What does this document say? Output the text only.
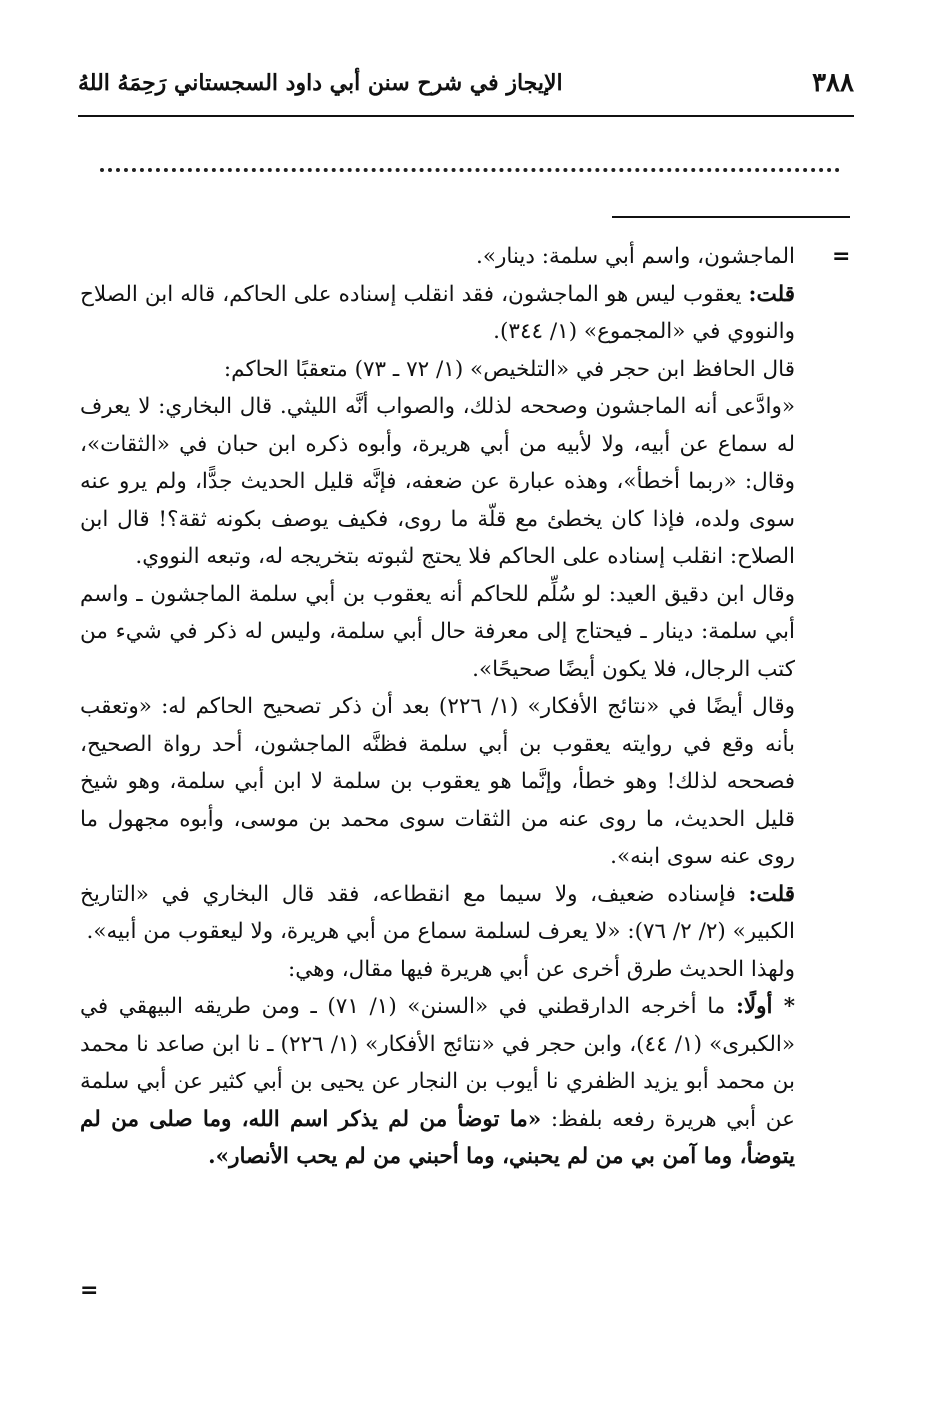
٣٨٨
الإيجاز في شرح سنن أبي داود السجستاني رَحِمَهُ اللهُ
=

الماجشون، واسم أبي سلمة: دينار».

قلت: يعقوب ليس هو الماجشون، فقد انقلب إسناده على الحاكم، قاله ابن الصلاح والنووي في «المجموع» (١/ ٣٤٤).

قال الحافظ ابن حجر في «التلخيص» (١/ ٧٢ ـ ٧٣) متعقبًا الحاكم:

«وادَّعى أنه الماجشون وصححه لذلك، والصواب أنَّه الليثي. قال البخاري: لا يعرف له سماع عن أبيه، ولا لأبيه من أبي هريرة، وأبوه ذكره ابن حبان في «الثقات»، وقال: «ربما أخطأ»، وهذه عبارة عن ضعفه، فإنَّه قليل الحديث جدًّا، ولم يرو عنه سوى ولده، فإذا كان يخطئ مع قلّة ما روى، فكيف يوصف بكونه ثقة؟! قال ابن الصلاح: انقلب إسناده على الحاكم فلا يحتج لثبوته بتخريجه له، وتبعه النووي.

وقال ابن دقيق العيد: لو سُلِّم للحاكم أنه يعقوب بن أبي سلمة الماجشون ـ واسم أبي سلمة: دينار ـ فيحتاج إلى معرفة حال أبي سلمة، وليس له ذكر في شيء من كتب الرجال، فلا يكون أيضًا صحيحًا».

وقال أيضًا في «نتائج الأفكار» (١/ ٢٢٦) بعد أن ذكر تصحيح الحاكم له: «وتعقب بأنه وقع في روايته يعقوب بن أبي سلمة فظنَّه الماجشون، أحد رواة الصحيح، فصححه لذلك! وهو خطأ، وإنَّما هو يعقوب بن سلمة لا ابن أبي سلمة، وهو شيخ قليل الحديث، ما روى عنه من الثقات سوى محمد بن موسى، وأبوه مجهول ما روى عنه سوى ابنه».

قلت: فإسناده ضعيف، ولا سيما مع انقطاعه، فقد قال البخاري في «التاريخ الكبير» (٢/ ٢/ ٧٦): «لا يعرف لسلمة سماع من أبي هريرة، ولا ليعقوب من أبيه».

ولهذا الحديث طرق أخرى عن أبي هريرة فيها مقال، وهي:

* أولًا: ما أخرجه الدارقطني في «السنن» (١/ ٧١) ـ ومن طريقه البيهقي في «الكبرى» (١/ ٤٤)، وابن حجر في «نتائج الأفكار» (١/ ٢٢٦) ـ نا ابن صاعد نا محمد بن محمد أبو يزيد الظفري نا أيوب بن النجار عن يحيى بن أبي كثير عن أبي سلمة عن أبي هريرة رفعه بلفظ: «ما توضأ من لم يذكر اسم الله، وما صلى من لم يتوضأ، وما آمن بي من لم يحبني، وما أحبني من لم يحب الأنصار».

=
